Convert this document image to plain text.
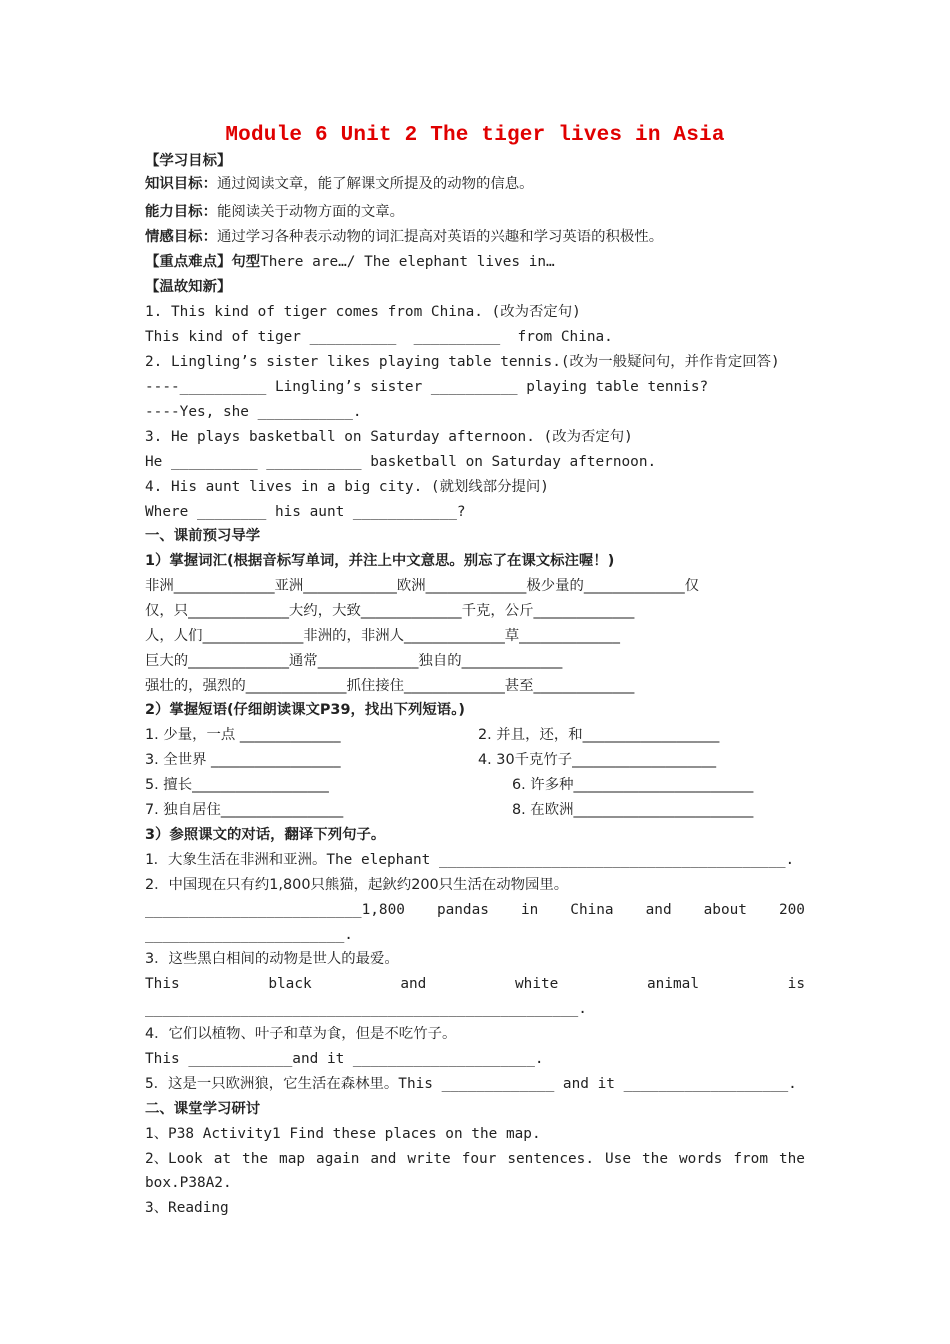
Module 6 Unit 2 The tiger lives in Asia
【学习目标】
知识目标：通过阅读文章，能了解课文所提及的动物的信息。
能力目标：能阅读关于动物方面的文章。
情感目标：通过学习各种表示动物的词汇提高对英语的兴趣和学习英语的积极性。
【重点难点】句型There are…/ The elephant lives in…
【温故知新】
1. This kind of tiger comes from China. (改为否定句)
This kind of tiger __________  __________  from China.
2. Lingling’s sister likes playing table tennis.(改为一般疑问句，并作肯定回答)
----__________ Lingling’s sister __________ playing table tennis?
----Yes, she ___________.
3. He plays basketball on Saturday afternoon. (改为否定句)
He __________ ___________ basketball on Saturday afternoon.
4. His aunt lives in a big city. (就划线部分提问)
Where ________ his aunt ____________?
一、课前预习导学
1）掌握词汇(根据音标写单词，并注上中文意思。别忘了在课文标注喔！)
非洲______________亚洲_____________欧洲______________极少量的______________仅
仅，只______________大约，大致______________千克，公斤______________
人，人们______________非洲的，非洲人______________草______________
巨大的______________通常______________独自的______________
强壮的，强烈的______________抓住接住______________甚至______________
2）掌握短语(仔细朗读课文P39，找出下列短语。)
1. 少量，一点 ______________	2. 并且，还，和___________________
3. 全世界 __________________	4. 30千克竹子____________________
5. 擅长___________________	6. 许多种_________________________
7. 独自居住_________________	8. 在欧洲_________________________
3）参照课文的对话，翻译下列句子。
1．大象生活在非洲和亚洲。The elephant ________________________________________.
2．中国现在只有约1,800只熊猫，起鈥约200只生活在动物园里。
_________________________1,800 pandas in China and about 200
_______________________.
3．这些黑白相间的动物是世人的最爱。
This	black	and	white	animal	is
__________________________________________________.
4．它们以植物、叶子和草为食，但是不吃竹子。
This ____________and it _____________________.
5．这是一只欧洲狼，它生活在森林里。This _____________ and it ___________________.
二、课堂学习研讨
1、P38 Activity1 Find these places on the map.
2、Look at the map again and write four sentences. Use the words from the
box.P38A2.
3、Reading
